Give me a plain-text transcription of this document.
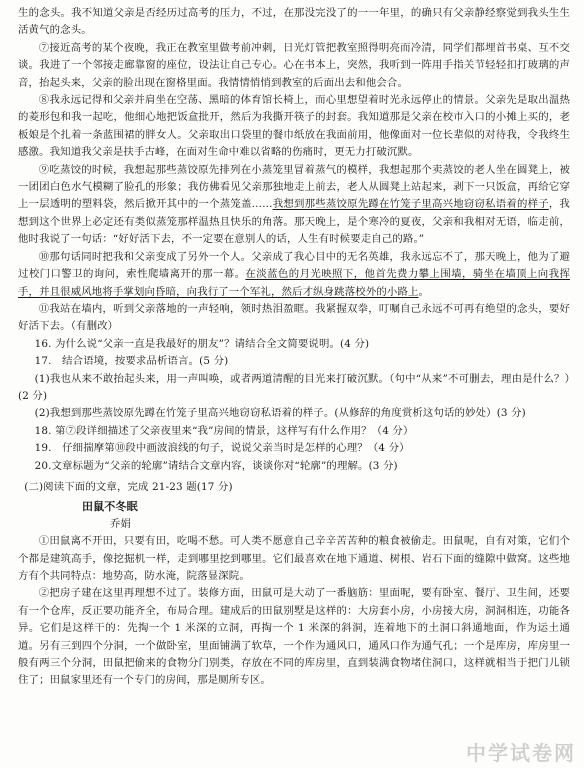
生的念头。我不知道父亲是否经历过高考的压力，不过，在那没完没了的一一年里，的确只有父亲静经察觉到我头生生活黄气的念头。

⑦接近高考的某个夜晚，我正在教室里做考前冲刺，日光灯管把教室照得明亮而冷清，同学们都埋首书桌、互不交谈。我进了一个邻接走廊靠窗的座位，设法让自己专心。心在书本上，突然，我听到一阵用手指关节轻轻扣打玻璃的声音，抬起头来，父亲的脸出现在窗格里面。我情情悄悄到教室的后面出去和他会合。

⑧我永远记得和父亲并肩坐在空荡、黑暗的体育馆长椅上，而心里想望着时光永远停止的情景。父亲先是取出温热的菱形包和我一起吃，他细心地把饭盒批开，然后为我撕开筷子的封套。我知道那是父亲在校市入口的小摊上买的，老板娘是个扎着一条蓝围裙的胖女人。父亲取出口袋里的餐巾纸放在我面前用，他像面对一位长辈似的对待我，令我终生感激。我知道我父亲是扶手古峰，在面对生命中难以省略的伤痛时，更无力打破沉默。

⑨吃蒸饺的时候，我想起那些蒸饺原先排列在小蒸笼里冒着蒸气的模样，我想起那个卖蒸饺的老人坐在圆凳上，被一团团白色水气模糊了脸孔的形象；我仿佛看见父亲那独地走上前去，老人从圆凳上站起来，剥下一只饭盒，再给它穿上一层透明的塑料袋，然后掀开其中的一个蒸笼盖……我想到那些蒸饺原先蹲在竹笼子里高兴地窃窃私语着的样子，我想到这个世界上必定还有类似蒸笼那样温热且快乐的角落。那天晚上，是个寒冷的夏夜，父亲和我相对无语，临走前，他时我说了一句话：“好好活下去，不一定要在意别人的话，人生有时候要走自己的路。”

⑩那句话同时把我和父亲变成了另外一个人。父亲成了我心目中的无名英雄，我永远忘不了，那天晚上，他为了避过校门口警卫的询问，索性爬墙离开的那一幕。在淡蓝色的月光映照下，他首先费力攀上围墙，骑坐在墙顶上向我挥手，并且很威风地将手掌划向昏暗，向我行了一个军礼，然后才纵身跳落校外的小路上。

⑪我站在墙内，听到父亲落地的一声轻响，领时热泪盈眶。我紧握双拳，叮嘱自己永远不可再有绝望的念头，要好好活下去。（有删改）

16. 为什么说“父亲一直是我最好的朋友”？请结合全文简要说明。(4 分)

17.　结合语境，按要求品析语言。(5 分)

(1)我也从来不敢抬起头来，用一声叫唤，或者两道清醒的目光来打破沉默。（句中“从来”不可删去，理由是什么？）(2 分)

(2)我想到那些蒸饺原先蹲在竹笼子里高兴地窃窃私语着的样子。(从修辞的角度赏析这句话的妙处）(3 分)

18. 第⑦段详细描述了父亲夜里来“我”房间的情景，这样写有什么作用？（4 分）

19.　仔细揣摩第⑩段中画波浪线的句子，说说父亲当时是怎样的心理？（4 分）

20.文章标题为“父亲的轮廓”请结合文章内容，谈谈你对“轮廓”的理解。(3 分)

(二)阅读下面的文章，完成 21-23 题(17 分)

田鼠不冬眠

乔娟

①田鼠离不开田，只要有田，吃喝不愁。可人类不愿意自己辛辛苦苦种的粮食被偷走。田鼠呢，自有对策，它们个个都是建筑高手，像挖掘机一样，走到哪里挖到哪里。它们最喜欢在地下通道、树根、岩石下面的缝隙中做窝。这些地方有个共同特点：地势高，防水淹，院落显深院。

②把房子建在这里再理想不过了。装修方面，田鼠可是大动了一番脑筋：里面呢，要有卧室、餐厅、卫生间，还要有一个仓库，反正要功能齐全，布局合理。建成后的田鼠别墅是这样的：大房套小房，小房接大房，洞洞相连，功能各异。它们是这样干的：先掏一个 1 米深的立洞，再掏一个 1 米深的斜洞，连着地下的土洞口斜通地面，作为运土通道。另有三到四个分洞，一个做卧室，里面铺满了软草，一个作为通风口，通风口作为通气孔；一个是库房，库房里一般有两三个分洞，田鼠把偷来的食物分门别类，存放在不同的库房里，直到装满食物堵住洞口，这样就相当于把门儿锁住了；田鼠家里还有一个专门的房间，那是厕所专区。

中学试卷网
